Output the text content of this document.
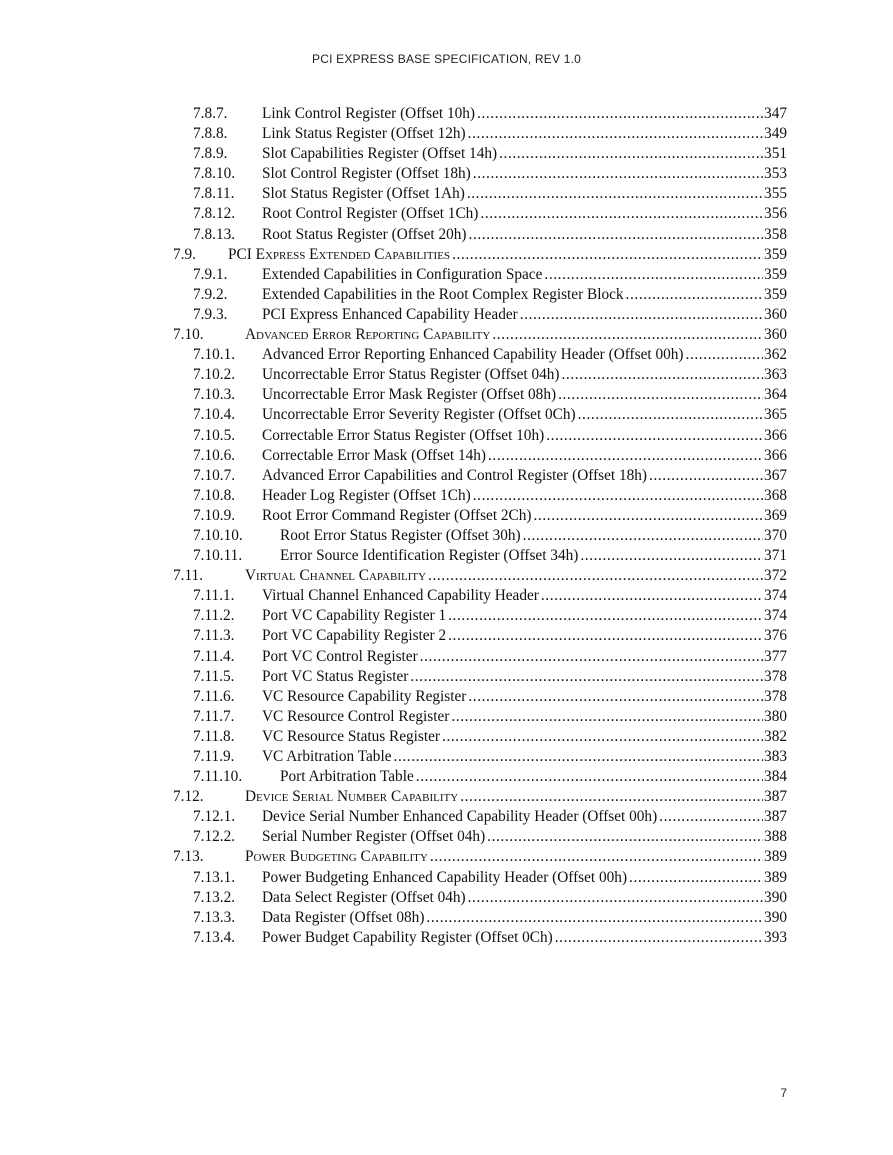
PCI EXPRESS BASE SPECIFICATION, REV 1.0
7.8.7. Link Control Register (Offset 10h) .....	347
7.8.8. Link Status Register (Offset 12h) .....	349
7.8.9. Slot Capabilities Register (Offset 14h) .....	351
7.8.10. Slot Control Register (Offset 18h) .....	353
7.8.11. Slot Status Register (Offset 1Ah) .....	355
7.8.12. Root Control Register (Offset 1Ch) .....	356
7.8.13. Root Status Register (Offset 20h) .....	358
7.9. PCI Express Extended Capabilities .....	359
7.9.1. Extended Capabilities in Configuration Space .....	359
7.9.2. Extended Capabilities in the Root Complex Register Block .....	359
7.9.3. PCI Express Enhanced Capability Header .....	360
7.10.	Advanced Error Reporting Capability .....	360
7.10.1. Advanced Error Reporting Enhanced Capability Header (Offset 00h) .....	362
7.10.2. Uncorrectable Error Status Register (Offset 04h) .....	363
7.10.3. Uncorrectable Error Mask Register (Offset 08h) .....	364
7.10.4. Uncorrectable Error Severity Register (Offset 0Ch) .....	365
7.10.5. Correctable Error Status Register (Offset 10h) .....	366
7.10.6. Correctable Error Mask (Offset 14h) .....	366
7.10.7. Advanced Error Capabilities and Control Register (Offset 18h) .....	367
7.10.8. Header Log Register (Offset 1Ch) .....	368
7.10.9. Root Error Command Register (Offset 2Ch) .....	369
7.10.10. Root Error Status Register (Offset 30h) .....	370
7.10.11. Error Source Identification Register (Offset 34h) .....	371
7.11.	Virtual Channel Capability .....	372
7.11.1. Virtual Channel Enhanced Capability Header .....	374
7.11.2. Port VC Capability Register 1 .....	374
7.11.3. Port VC Capability Register 2 .....	376
7.11.4. Port VC Control Register .....	377
7.11.5. Port VC Status Register .....	378
7.11.6. VC Resource Capability Register .....	378
7.11.7. VC Resource Control Register .....	380
7.11.8. VC Resource Status Register .....	382
7.11.9. VC Arbitration Table .....	383
7.11.10. Port Arbitration Table .....	384
7.12.	Device Serial Number Capability .....	387
7.12.1. Device Serial Number Enhanced Capability Header (Offset 00h) .....	387
7.12.2. Serial Number Register (Offset 04h) .....	388
7.13.	Power Budgeting Capability .....	389
7.13.1. Power Budgeting Enhanced Capability Header (Offset 00h) .....	389
7.13.2. Data Select Register (Offset 04h) .....	390
7.13.3. Data Register (Offset 08h) .....	390
7.13.4. Power Budget Capability Register (Offset 0Ch) .....	393
7
